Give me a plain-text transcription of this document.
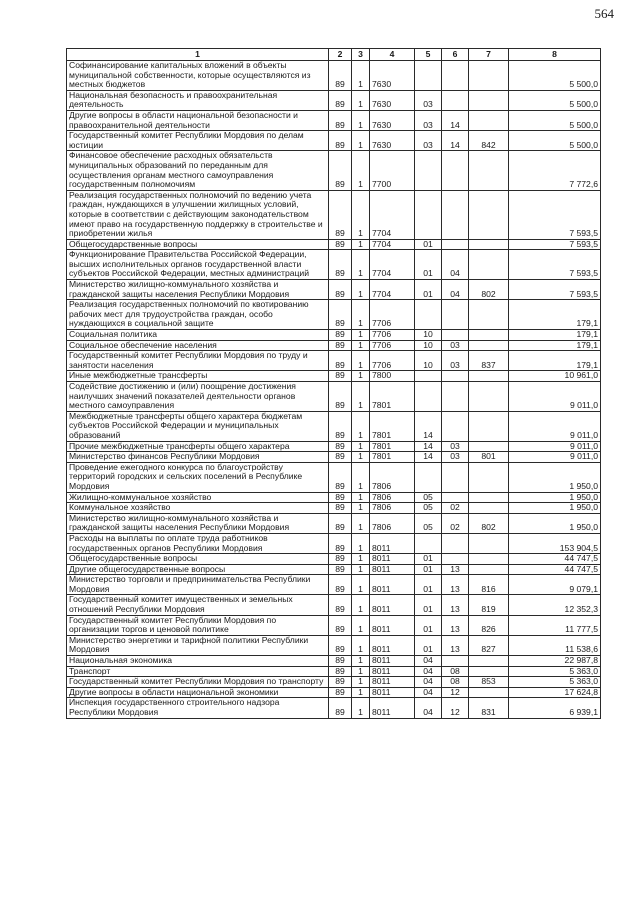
564
1	2	3	4	5	6	7	8
Софинансирование капитальных вложений в объекты муниципальной собственности, которые осуществляются из местных бюджетов	89	1	7630				5 500,0
Национальная безопасность и правоохранительная деятельность	89	1	7630	03			5 500,0
Другие вопросы в области национальной безопасности и правоохранительной деятельности	89	1	7630	03	14		5 500,0
Государственный комитет Республики Мордовия по делам юстиции	89	1	7630	03	14	842	5 500,0
Финансовое обеспечение расходных обязательств муниципальных образований по переданным для осуществления органам местного самоуправления государственным полномочиям	89	1	7700				7 772,6
Реализация государственных полномочий по ведению учета граждан, нуждающихся в улучшении жилищных условий, которые в соответствии с действующим законодательством имеют право на государственную поддержку в строительстве и приобретении жилья	89	1	7704				7 593,5
Общегосударственные вопросы	89	1	7704	01			7 593,5
Функционирование Правительства Российской Федерации, высших исполнительных органов государственной власти субъектов Российской Федерации, местных администраций	89	1	7704	01	04		7 593,5
Министерство жилищно-коммунального хозяйства и гражданской защиты населения Республики Мордовия	89	1	7704	01	04	802	7 593,5
Реализация государственных полномочий по квотированию рабочих мест для трудоустройства граждан, особо нуждающихся в социальной защите	89	1	7706				179,1
Социальная политика	89	1	7706	10			179,1
Социальное обеспечение населения	89	1	7706	10	03		179,1
Государственный комитет Республики Мордовия по труду и занятости населения	89	1	7706	10	03	837	179,1
Иные межбюджетные трансферты	89	1	7800				10 961,0
Содействие достижению и (или) поощрение достижения наилучших значений показателей деятельности органов местного самоуправления	89	1	7801				9 011,0
Межбюджетные трансферты общего характера бюджетам субъектов Российской Федерации и муниципальных образований	89	1	7801	14			9 011,0
Прочие межбюджетные трансферты общего характера	89	1	7801	14	03		9 011,0
Министерство финансов Республики Мордовия	89	1	7801	14	03	801	9 011,0
Проведение ежегодного конкурса по благоустройству территорий городских и сельских поселений в Республике Мордовия	89	1	7806				1 950,0
Жилищно-коммунальное хозяйство	89	1	7806	05			1 950,0
Коммунальное хозяйство	89	1	7806	05	02		1 950,0
Министерство жилищно-коммунального хозяйства и гражданской защиты населения Республики Мордовия	89	1	7806	05	02	802	1 950,0
Расходы на выплаты по оплате труда работников государственных органов Республики Мордовия	89	1	8011				153 904,5
Общегосударственные вопросы	89	1	8011	01			44 747,5
Другие общегосударственные вопросы	89	1	8011	01	13		44 747,5
Министерство торговли и предпринимательства Республики Мордовия	89	1	8011	01	13	816	9 079,1
Государственный комитет имущественных и земельных отношений Республики Мордовия	89	1	8011	01	13	819	12 352,3
Государственный комитет Республики Мордовия по организации торгов и ценовой политике	89	1	8011	01	13	826	11 777,5
Министерство энергетики и тарифной политики Республики Мордовия	89	1	8011	01	13	827	11 538,6
Национальная экономика	89	1	8011	04			22 987,8
Транспорт	89	1	8011	04	08		5 363,0
Государственный комитет Республики Мордовия по транспорту	89	1	8011	04	08	853	5 363,0
Другие вопросы в области национальной экономики	89	1	8011	04	12		17 624,8
Инспекция государственного строительного надзора Республики Мордовия	89	1	8011	04	12	831	6 939,1
